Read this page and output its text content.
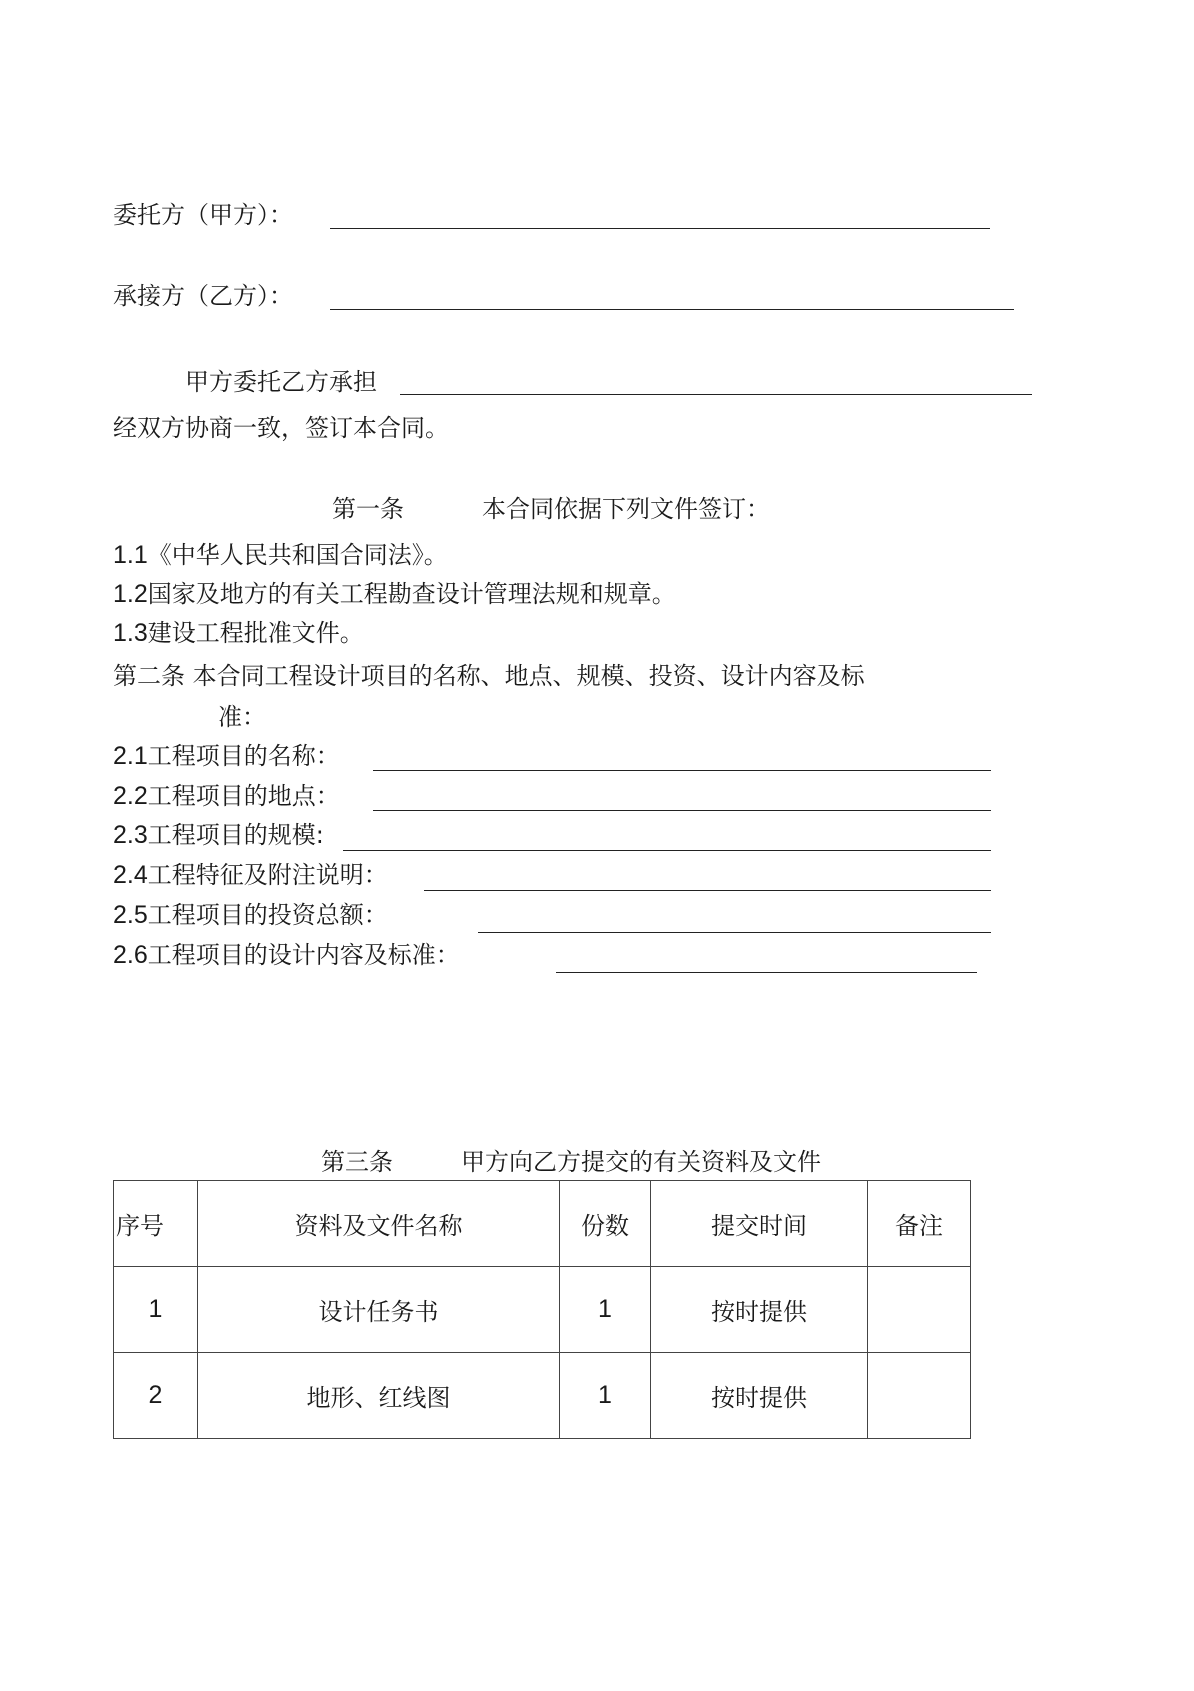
委托方（甲方）：
承接方（乙方）：
甲方委托乙方承担
经双方协商一致，签订本合同。
第一条	本合同依据下列文件签订：
1.1《中华人民共和国合同法》。
1.2国家及地方的有关工程勘查设计管理法规和规章。
1.3建设工程批准文件。
第二条 本合同工程设计项目的名称、地点、规模、投资、设计内容及标
准：
2.1工程项目的名称：
2.2工程项目的地点：
2.3工程项目的规模:
2.4工程特征及附注说明：
2.5工程项目的投资总额：
2.6工程项目的设计内容及标准：
第三条	甲方向乙方提交的有关资料及文件
序号	资料及文件名称	份数	提交时间	备注
1	设计任务书	1	按时提供	
2	地形、红线图	1	按时提供	
